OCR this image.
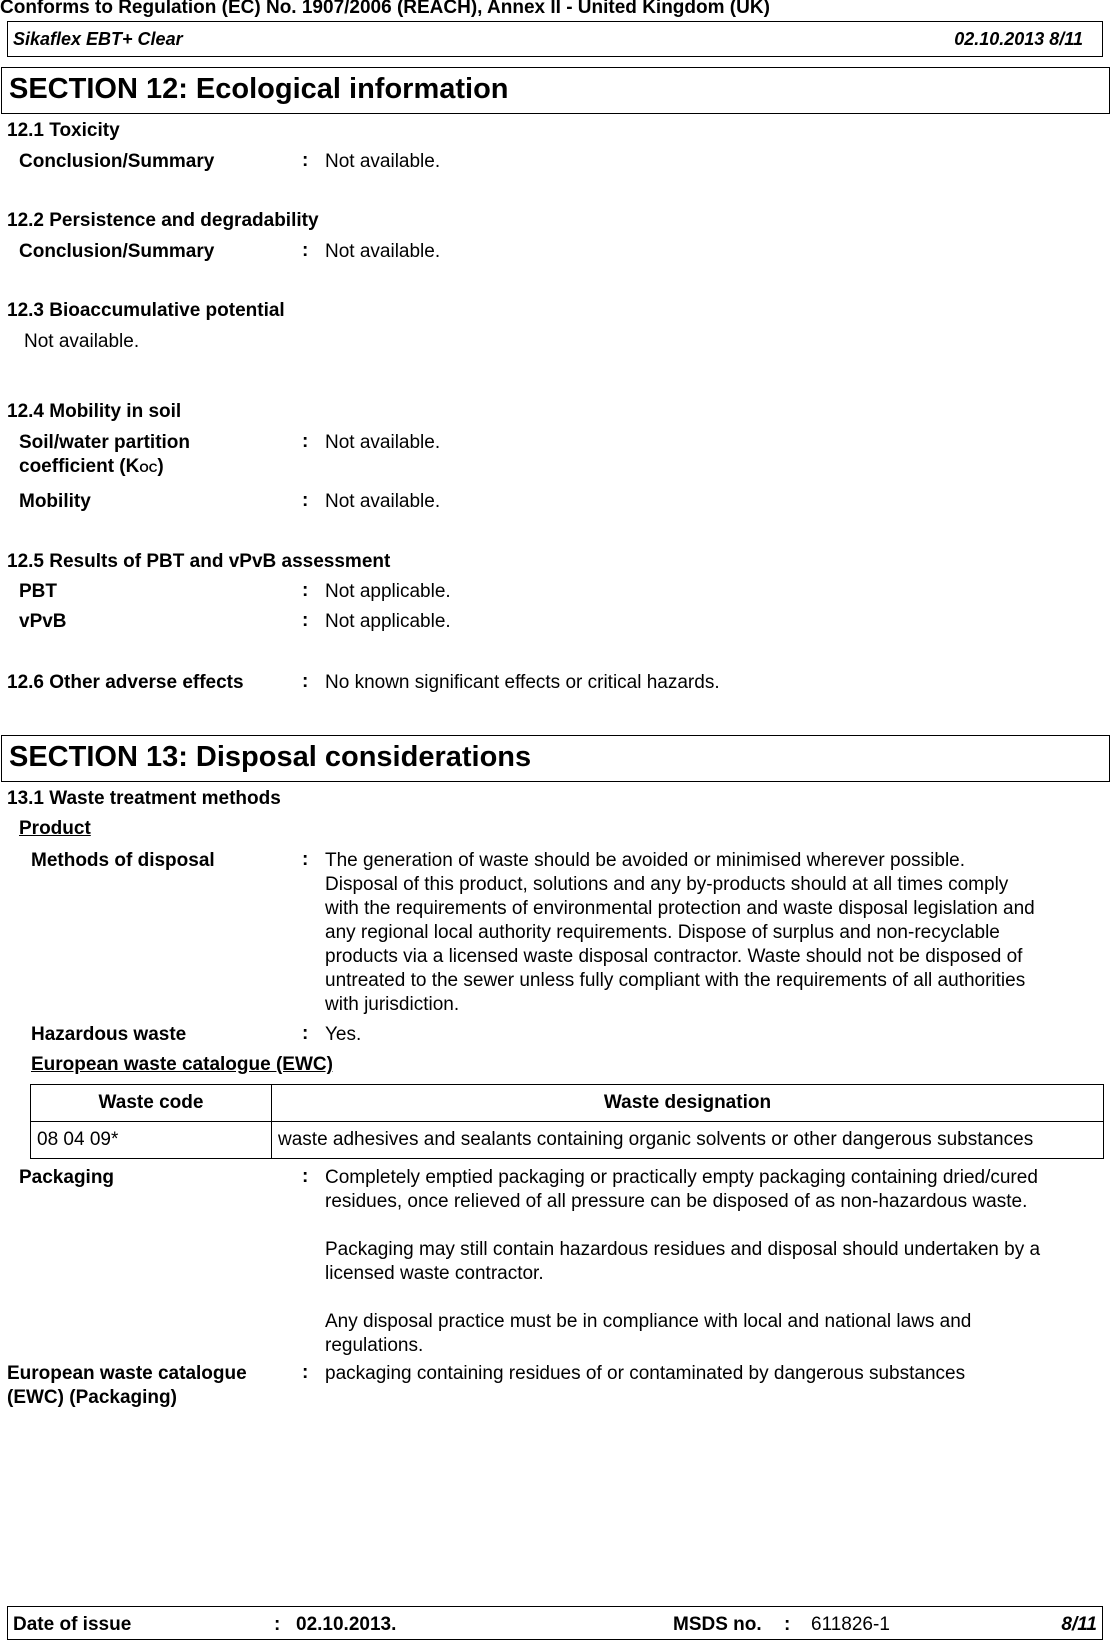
Conforms to Regulation (EC) No. 1907/2006 (REACH), Annex II - United Kingdom (UK)
Sikaflex EBT+ Clear	02.10.2013 8/11
SECTION 12: Ecological information
12.1 Toxicity
Conclusion/Summary	: Not available.
12.2 Persistence and degradability
Conclusion/Summary	: Not available.
12.3 Bioaccumulative potential
Not available.
12.4 Mobility in soil
Soil/water partition
coefficient (KOC)
: Not available.
Mobility	: Not available.
12.5 Results of PBT and vPvB assessment
PBT	: Not applicable.
vPvB	: Not applicable.
12.6 Other adverse effects	: No known significant effects or critical hazards.
SECTION 13: Disposal considerations
13.1 Waste treatment methods
Product
Methods of disposal	: The generation of waste should be avoided or minimised wherever possible.
Disposal of this product, solutions and any by-products should at all times comply
with the requirements of environmental protection and waste disposal legislation and
any regional local authority requirements. Dispose of surplus and non-recyclable
products via a licensed waste disposal contractor. Waste should not be disposed of
untreated to the sewer unless fully compliant with the requirements of all authorities
with jurisdiction.
Hazardous waste	: Yes.
European waste catalogue (EWC)
Waste code	Waste designation
08 04 09*	waste adhesives and sealants containing organic solvents or other dangerous substances
Packaging	: Completely emptied packaging or practically empty packaging containing dried/cured
residues, once relieved of all pressure can be disposed of as non-hazardous waste.
Packaging may still contain hazardous residues and disposal should undertaken by a
licensed waste contractor.
Any disposal practice must be in compliance with local and national laws and
regulations.
European waste catalogue
(EWC) (Packaging)
: packaging containing residues of or contaminated by dangerous substances
Date of issue	: 02.10.2013.	MSDS no. : 611826-1	8/11
